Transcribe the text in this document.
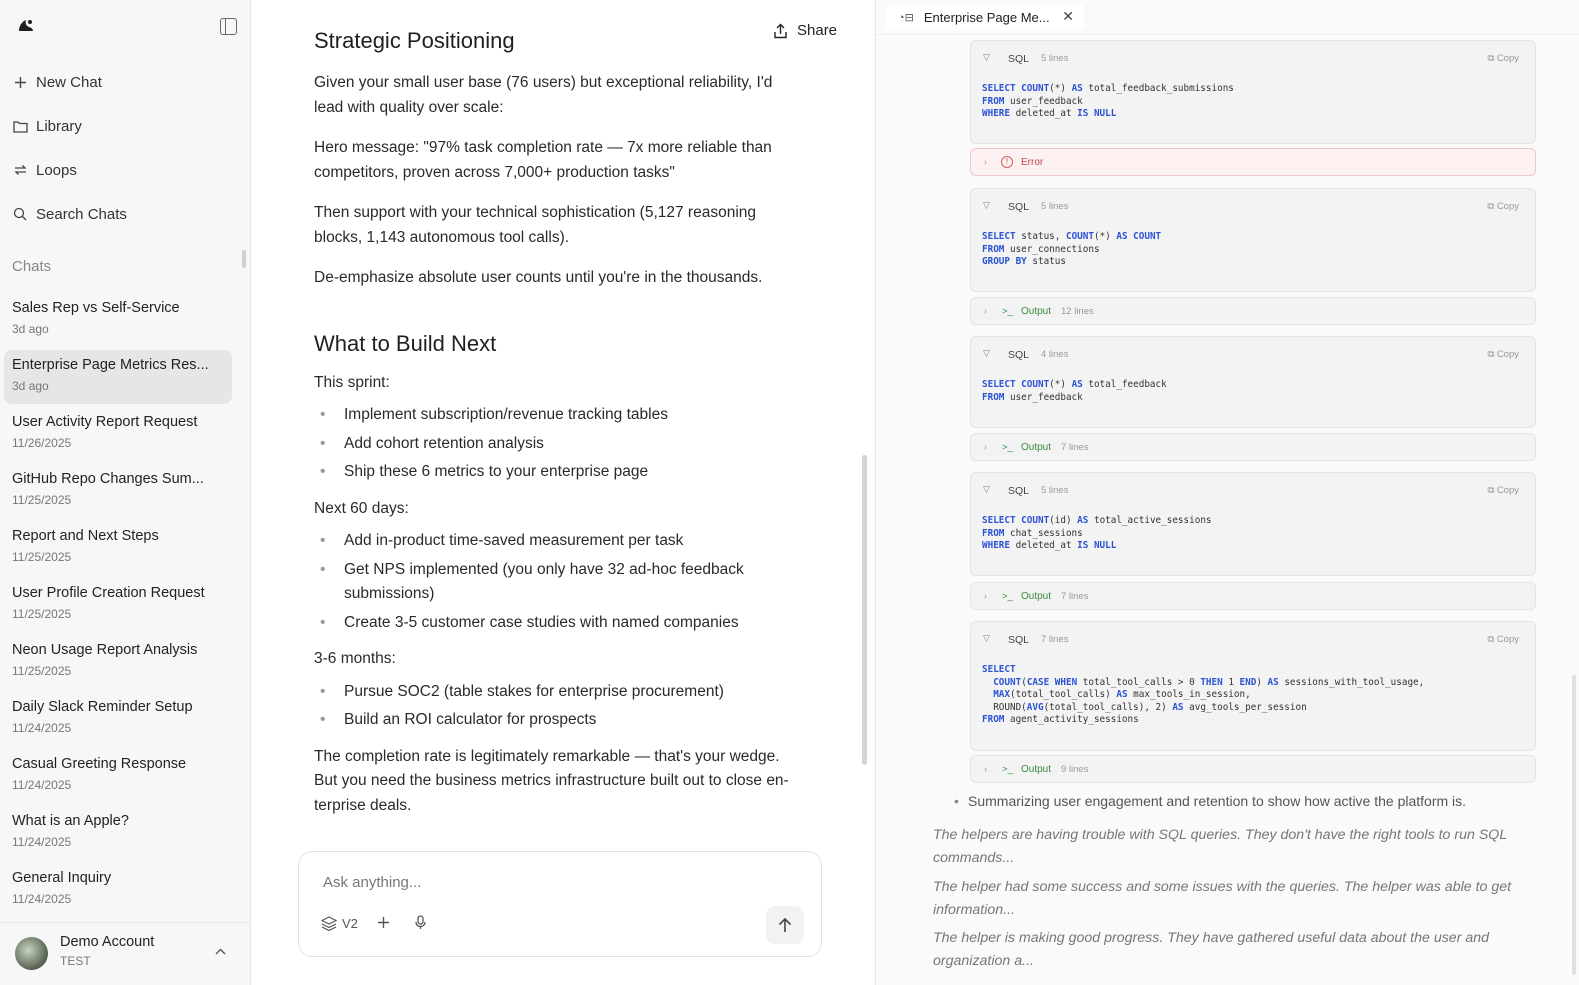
New Chat
Library
Loops
Search Chats
Chats
Sales Rep vs Self-Service
3d ago
Enterprise Page Metrics Res...
3d ago
User Activity Report Request
11/26/2025
GitHub Repo Changes Sum...
11/25/2025
Report and Next Steps
11/25/2025
User Profile Creation Request
11/25/2025
Neon Usage Report Analysis
11/25/2025
Daily Slack Reminder Setup
11/24/2025
Casual Greeting Response
11/24/2025
What is an Apple?
11/24/2025
General Inquiry
11/24/2025
Demo Account
TEST
Share
Strategic Positioning

Given your small user base (76 users) but exceptional reliability, I'd lead with quality over scale:

Hero message: "97% task completion rate — 7x more reliable than competitors, proven across 7,000+ production tasks"

Then support with your technical sophistication (5,127 reasoning blocks, 1,143 autonomous tool calls).

De-emphasize absolute user counts until you're in the thousands.

What to Build Next

This sprint:

• Implement subscription/revenue tracking tables
• Add cohort retention analysis
• Ship these 6 metrics to your enterprise page

Next 60 days:

• Add in-product time-saved measurement per task
• Get NPS implemented (you only have 32 ad-hoc feedback submissions)
• Create 3-5 customer case studies with named companies

3-6 months:

• Pursue SOC2 (table stakes for enterprise procurement)
• Build an ROI calculator for prospects

The completion rate is legitimately remarkable — that's your wedge. But you need the business metrics infrastructure built out to close en-terprise deals.

Ask anything...
V2
◔⊟ Enterprise Page Me... ✕
▽ SQL 5 lines	⧉ Copy
SELECT COUNT(*) AS total_feedback_submissions
FROM user_feedback
WHERE deleted_at IS NULL
›	!	Error
▽ SQL 5 lines	⧉ Copy
SELECT status, COUNT(*) AS COUNT
FROM user_connections
GROUP BY status
› >_ Output 12 lines
▽ SQL 4 lines	⧉ Copy
SELECT COUNT(*) AS total_feedback
FROM user_feedback
› >_ Output 7 lines
▽ SQL 5 lines	⧉ Copy
SELECT COUNT(id) AS total_active_sessions
FROM chat_sessions
WHERE deleted_at IS NULL
› >_ Output 7 lines
▽ SQL 7 lines	⧉ Copy
SELECT
COUNT(CASE WHEN total_tool_calls > 0 THEN 1 END) AS sessions_with_tool_usage,
MAX(total_tool_calls) AS max_tools_in_session,
ROUND(AVG(total_tool_calls), 2) AS avg_tools_per_session
FROM agent_activity_sessions
› >_ Output 9 lines
• Summarizing user engagement and retention to show how active the platform is.
The helpers are having trouble with SQL queries. They don't have the right tools to run SQL commands...
The helper had some success and some issues with the queries. The helper was able to get information...
The helper is making good progress. They have gathered useful data about the user and organization a...
